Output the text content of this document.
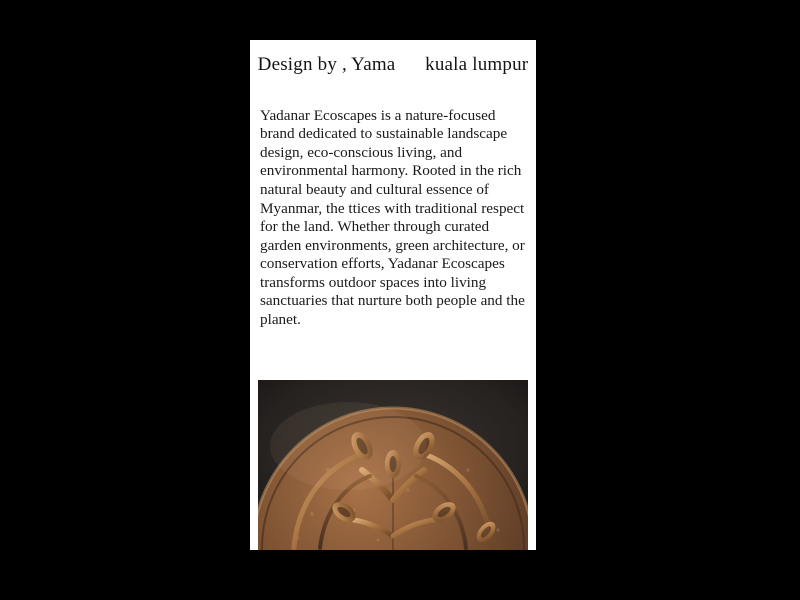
Design by , Yama      kuala lumpur

Yadanar Ecoscapes is a nature-focused brand dedicated to sustainable landscape design, eco-conscious living, and environmental harmony. Rooted in the rich natural beauty and cultural essence of Myanmar, the ttices with traditional respect for the land. Whether through curated garden environments, green architecture, or conservation efforts, Yadanar Ecoscapes transforms outdoor spaces into living sanctuaries that nurture both people and the planet.
